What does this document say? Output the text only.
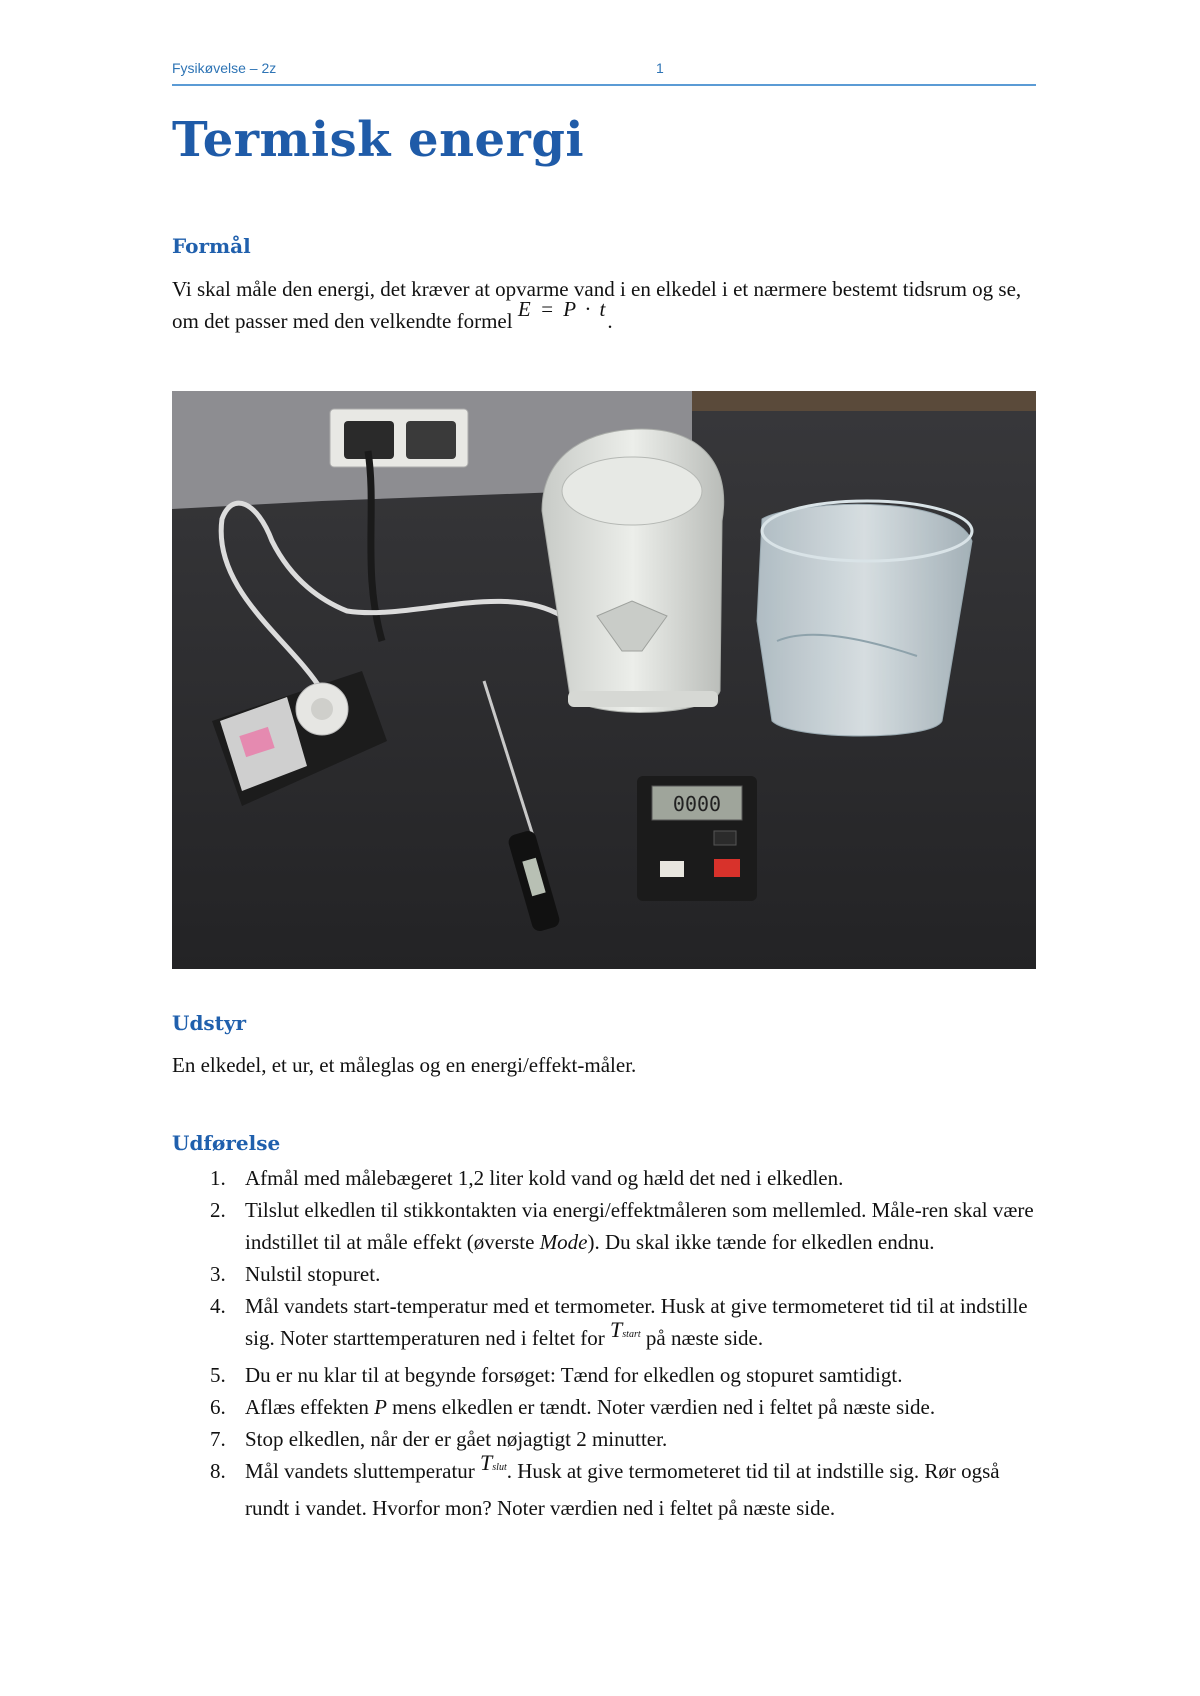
Fysikøvelse – 2z	1
Termisk energi
Formål
Vi skal måle den energi, det kræver at opvarme vand i en elkedel i et nærmere bestemt tidsrum og se, om det passer med den velkendte formel E = P · t.
0000
Udstyr
En elkedel, et ur, et måleglas og en energi/effekt-måler.
Udførelse
1. Afmål med målebægeret 1,2 liter kold vand og hæld det ned i elkedlen.
2. Tilslut elkedlen til stikkontakten via energi/effektmåleren som mellemled. Måle-ren skal være indstillet til at måle effekt (øverste Mode). Du skal ikke tænde for elkedlen endnu.
3. Nulstil stopuret.
4. Mål vandets start-temperatur med et termometer. Husk at give termometeret tid til at indstille sig. Noter starttemperaturen ned i feltet for Tstart på næste side.
5. Du er nu klar til at begynde forsøget: Tænd for elkedlen og stopuret samtidigt.
6. Aflæs effekten P mens elkedlen er tændt. Noter værdien ned i feltet på næste side.
7. Stop elkedlen, når der er gået nøjagtigt 2 minutter.
8. Mål vandets sluttemperatur Tslut. Husk at give termometeret tid til at indstille sig. Rør også rundt i vandet. Hvorfor mon? Noter værdien ned i feltet på næste side.
